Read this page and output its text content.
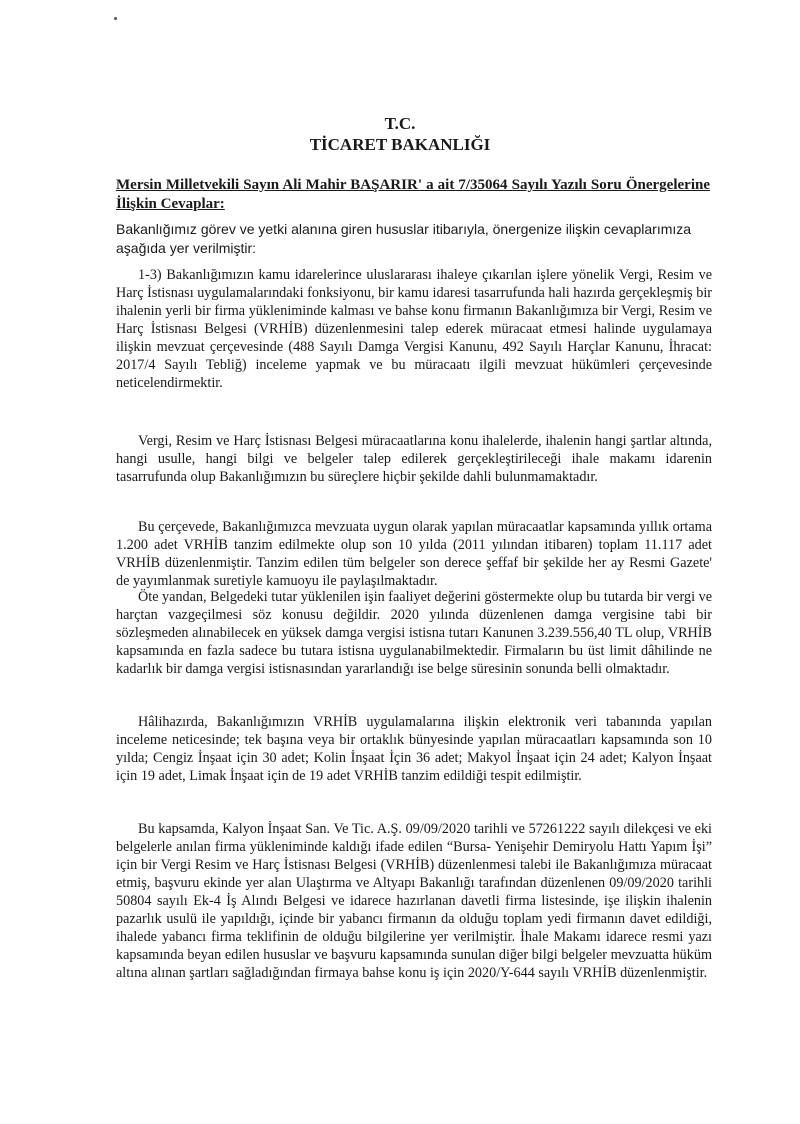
T.C.
TİCARET BAKANLIĞI
Mersin Milletvekili Sayın Ali Mahir BAŞARIR' a ait 7/35064 Sayılı Yazılı Soru Önergelerine İlişkin Cevaplar:
Bakanlığımız görev ve yetki alanına giren hususlar itibarıyla, önergenize ilişkin cevaplarımıza aşağıda yer verilmiştir:
1-3) Bakanlığımızın kamu idarelerince uluslararası ihaleye çıkarılan işlere yönelik Vergi, Resim ve Harç İstisnası uygulamalarındaki fonksiyonu, bir kamu idaresi tasarrufunda hali hazırda gerçekleşmiş bir ihalenin yerli bir firma yükleniminde kalması ve bahse konu firmanın Bakanlığımıza bir Vergi, Resim ve Harç İstisnası Belgesi (VRHİB) düzenlenmesini talep ederek müracaat etmesi halinde uygulamaya ilişkin mevzuat çerçevesinde (488 Sayılı Damga Vergisi Kanunu, 492 Sayılı Harçlar Kanunu, İhracat: 2017/4 Sayılı Tebliğ) inceleme yapmak ve bu müracaatı ilgili mevzuat hükümleri çerçevesinde neticelendirmektir.
Vergi, Resim ve Harç İstisnası Belgesi müracaatlarına konu ihalelerde, ihalenin hangi şartlar altında, hangi usulle, hangi bilgi ve belgeler talep edilerek gerçekleştirileceği ihale makamı idarenin tasarrufunda olup Bakanlığımızın bu süreçlere hiçbir şekilde dahli bulunmamaktadır.
Bu çerçevede, Bakanlığımızca mevzuata uygun olarak yapılan müracaatlar kapsamında yıllık ortama 1.200 adet VRHİB tanzim edilmekte olup son 10 yılda (2011 yılından itibaren) toplam 11.117 adet VRHİB düzenlenmiştir. Tanzim edilen tüm belgeler son derece şeffaf bir şekilde her ay Resmi Gazete' de yayımlanmak suretiyle kamuoyu ile paylaşılmaktadır.
Öte yandan, Belgedeki tutar yüklenilen işin faaliyet değerini göstermekte olup bu tutarda bir vergi ve harçtan vazgeçilmesi söz konusu değildir. 2020 yılında düzenlenen damga vergisine tabi bir sözleşmeden alınabilecek en yüksek damga vergisi istisna tutarı Kanunen 3.239.556,40 TL olup, VRHİB kapsamında en fazla sadece bu tutara istisna uygulanabilmektedir. Firmaların bu üst limit dâhilinde ne kadarlık bir damga vergisi istisnasından yararlandığı ise belge süresinin sonunda belli olmaktadır.
Hâlihazırda, Bakanlığımızın VRHİB uygulamalarına ilişkin elektronik veri tabanında yapılan inceleme neticesinde; tek başına veya bir ortaklık bünyesinde yapılan müracaatları kapsamında son 10 yılda; Cengiz İnşaat için 30 adet; Kolin İnşaat İçin 36 adet; Makyol İnşaat için 24 adet; Kalyon İnşaat için 19 adet, Limak İnşaat için de 19 adet VRHİB tanzim edildiği tespit edilmiştir.
Bu kapsamda, Kalyon İnşaat San. Ve Tic. A.Ş. 09/09/2020 tarihli ve 57261222 sayılı dilekçesi ve eki belgelerle anılan firma yükleniminde kaldığı ifade edilen “Bursa- Yenişehir Demiryolu Hattı Yapım İşi” için bir Vergi Resim ve Harç İstisnası Belgesi (VRHİB) düzenlenmesi talebi ile Bakanlığımıza müracaat etmiş, başvuru ekinde yer alan Ulaştırma ve Altyapı Bakanlığı tarafından düzenlenen 09/09/2020 tarihli 50804 sayılı Ek-4 İş Alındı Belgesi ve idarece hazırlanan davetli firma listesinde, işe ilişkin ihalenin pazarlık usulü ile yapıldığı, içinde bir yabancı firmanın da olduğu toplam yedi firmanın davet edildiği, ihalede yabancı firma teklifinin de olduğu bilgilerine yer verilmiştir. İhale Makamı idarece resmi yazı kapsamında beyan edilen hususlar ve başvuru kapsamında sunulan diğer bilgi belgeler mevzuatta hüküm altına alınan şartları sağladığından firmaya bahse konu iş için 2020/Y-644 sayılı VRHİB düzenlenmiştir.
